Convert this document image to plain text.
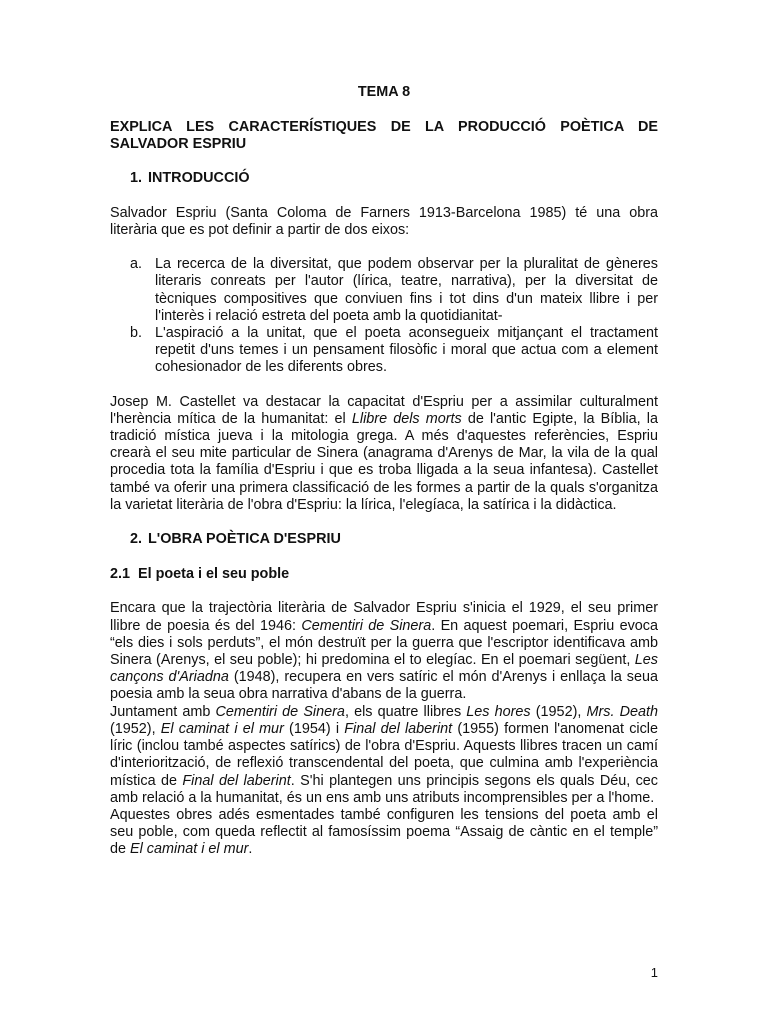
TEMA 8
EXPLICA LES CARACTERÍSTIQUES DE LA PRODUCCIÓ POÈTICA DE SALVADOR ESPRIU
1. INTRODUCCIÓ

Salvador Espriu (Santa Coloma de Farners 1913-Barcelona 1985) té una obra literària que es pot definir a partir de dos eixos:

a. La recerca de la diversitat, que podem observar per la pluralitat de gèneres literaris conreats per l'autor (lírica, teatre, narrativa), per la diversitat de tècniques compositives que conviuen fins i tot dins d'un mateix llibre i per l'interès i relació estreta del poeta amb la quotidianitat-
b. L'aspiració a la unitat, que el poeta aconsegueix mitjançant el tractament repetit d'uns temes i un pensament filosòfic i moral que actua com a element cohesionador de les diferents obres.

Josep M. Castellet va destacar la capacitat d'Espriu per a assimilar culturalment l'herència mítica de la humanitat: el Llibre dels morts de l'antic Egipte, la Bíblia, la tradició mística jueva i la mitologia grega. A més d'aquestes referències, Espriu crearà el seu mite particular de Sinera (anagrama d'Arenys de Mar, la vila de la qual procedia tota la família d'Espriu i que es troba lligada a la seua infantesa). Castellet també va oferir una primera classificació de les formes a partir de la quals s'organitza la varietat literària de l'obra d'Espriu: la lírica, l'elegíaca, la satírica i la didàctica.

2. L'OBRA POÈTICA D'ESPRIU
2.1 El poeta i el seu poble

Encara que la trajectòria literària de Salvador Espriu s'inicia el 1929, el seu primer llibre de poesia és del 1946: Cementiri de Sinera. En aquest poemari, Espriu evoca “els dies i sols perduts”, el món destruït per la guerra que l'escriptor identificava amb Sinera (Arenys, el seu poble); hi predomina el to elegíac. En el poemari següent, Les cançons d'Ariadna (1948), recupera en vers satíric el món d'Arenys i enllaça la seua poesia amb la seua obra narrativa d'abans de la guerra.

Juntament amb Cementiri de Sinera, els quatre llibres Les hores (1952), Mrs. Death (1952), El caminat i el mur (1954) i Final del laberint (1955) formen l'anomenat cicle líric (inclou també aspectes satírics) de l'obra d'Espriu. Aquests llibres tracen un camí d'interiorització, de reflexió transcendental del poeta, que culmina amb l'experiència mística de Final del laberint. S'hi plantegen uns principis segons els quals Déu, cec amb relació a la humanitat, és un ens amb uns atributs incomprensibles per a l'home.

Aquestes obres adés esmentades també configuren les tensions del poeta amb el seu poble, com queda reflectit al famosíssim poema “Assaig de càntic en el temple” de El caminat i el mur.

1
